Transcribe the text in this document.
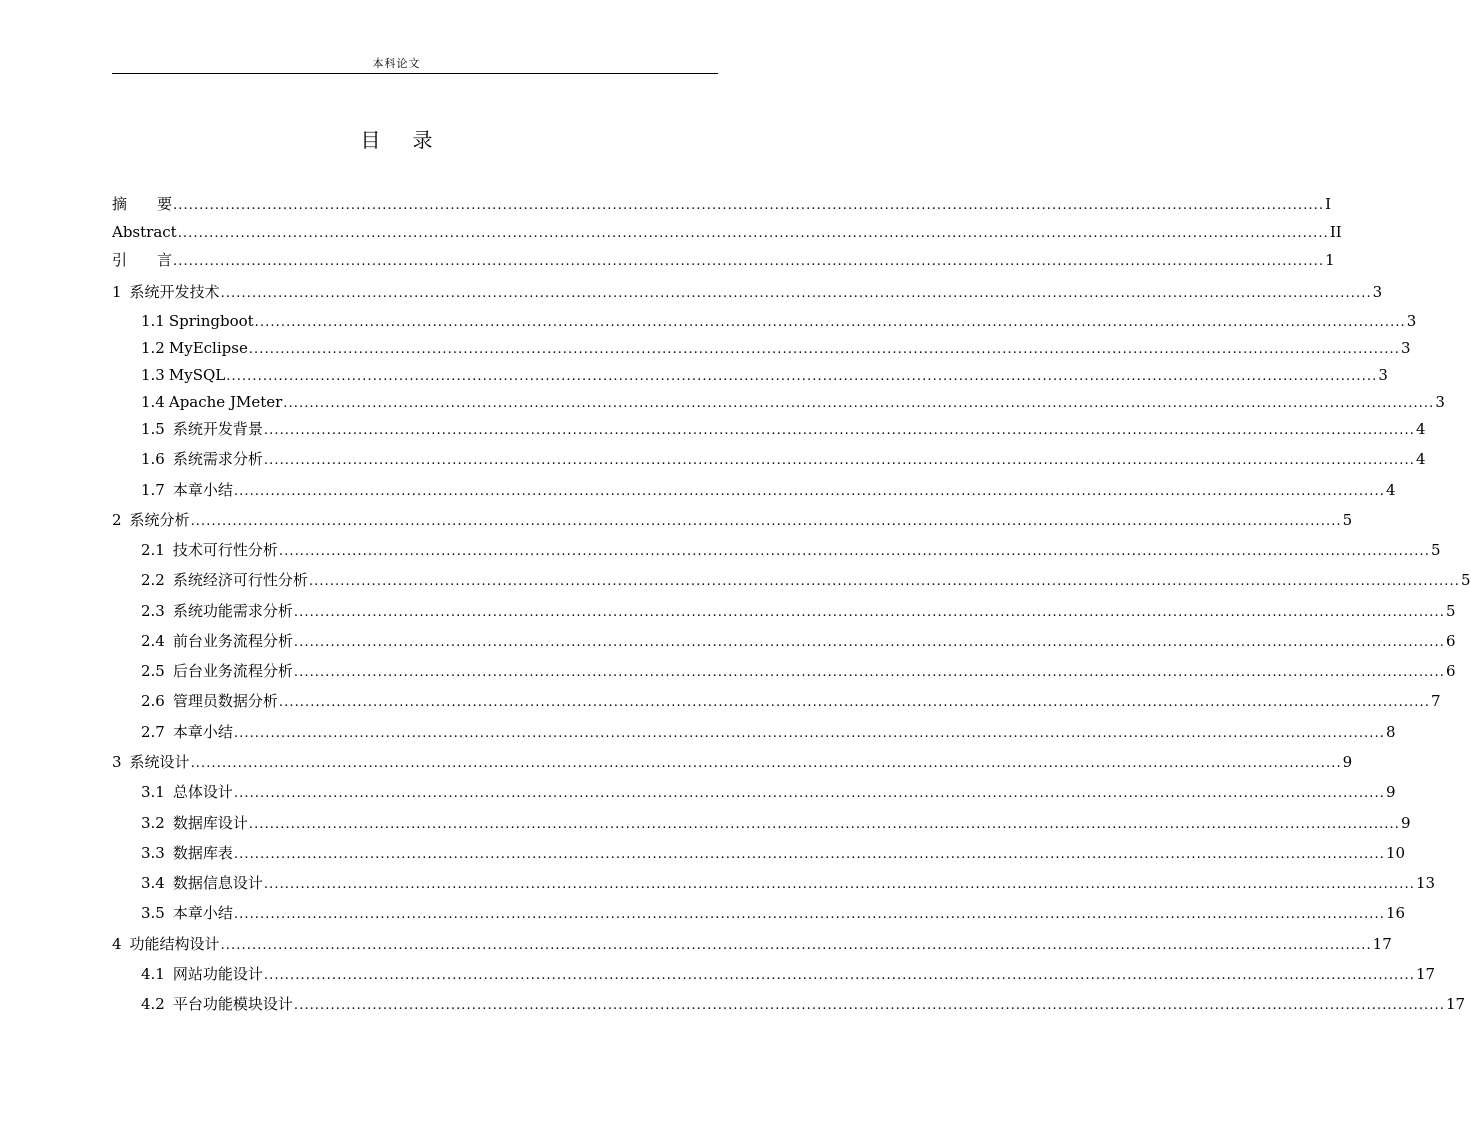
本科论文
目 录
摘　　要 ............................................................................................................................................................................................................................ I
Abstract ............................................................................................................................................................................................................................ II
引　　言 ............................................................................................................................................................................................................................ 1
1 系统开发技术 ............................................................................................................................................................................................................................ 3
1.1 Springboot ............................................................................................................................................................................................................................ 3
1.2 MyEclipse ............................................................................................................................................................................................................................ 3
1.3 MySQL ............................................................................................................................................................................................................................ 3
1.4 Apache JMeter ............................................................................................................................................................................................................................ 3
1.5 系统开发背景 ............................................................................................................................................................................................................................ 4
1.6 系统需求分析 ............................................................................................................................................................................................................................ 4
1.7 本章小结 ............................................................................................................................................................................................................................ 4
2 系统分析 ............................................................................................................................................................................................................................ 5
2.1 技术可行性分析 ............................................................................................................................................................................................................................ 5
2.2 系统经济可行性分析 ............................................................................................................................................................................................................................ 5
2.3 系统功能需求分析 ............................................................................................................................................................................................................................ 5
2.4 前台业务流程分析 ............................................................................................................................................................................................................................ 6
2.5 后台业务流程分析 ............................................................................................................................................................................................................................ 6
2.6 管理员数据分析 ............................................................................................................................................................................................................................ 7
2.7 本章小结 ............................................................................................................................................................................................................................ 8
3 系统设计 ............................................................................................................................................................................................................................ 9
3.1 总体设计 ............................................................................................................................................................................................................................ 9
3.2 数据库设计 ............................................................................................................................................................................................................................ 9
3.3 数据库表 ............................................................................................................................................................................................................................ 10
3.4 数据信息设计 ............................................................................................................................................................................................................................ 13
3.5 本章小结 ............................................................................................................................................................................................................................ 16
4 功能结构设计 ............................................................................................................................................................................................................................ 17
4.1 网站功能设计 ............................................................................................................................................................................................................................ 17
4.2 平台功能模块设计 ............................................................................................................................................................................................................................ 17
